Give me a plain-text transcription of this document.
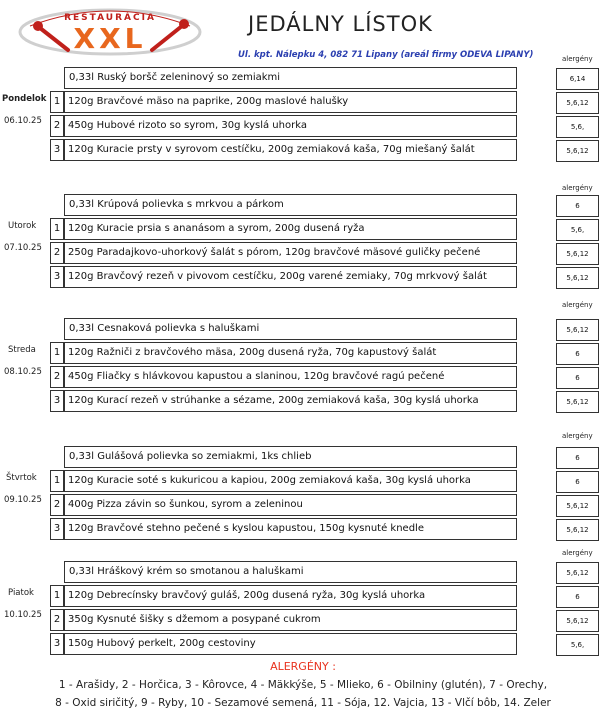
RESTAURÁCIA
XXL	JEDÁLNY LÍSTOK
Ul. kpt. Nálepku 4, 082 71 Lipany (areál firmy ODEVA LIPANY)	alergény
0,33l Ruský boršč zeleninový so zemiakmi	6,14
1 120g Bravčové mäso na paprike, 200g maslové halušky	5,6,12
2 450g Hubové rizoto so syrom, 30g kyslá uhorka	5,6,
3 120g Kuracie prsty v syrovom cestíčku, 200g zemiaková kaša, 70g miešaný šalát	5,6,12
Pondelok
06.10.25
alergény
0,33l Krúpová polievka s mrkvou a párkom	6
1 120g Kuracie prsia s ananásom a syrom, 200g dusená ryža	5,6,
2 250g Paradajkovo-uhorkový šalát s pórom, 120g bravčové mäsové guličky pečené	5,6,12
3 120g Bravčový rezeň v pivovom cestíčku, 200g varené zemiaky, 70g mrkvový šalát	5,6,12
Utorok
07.10.25
alergény
0,33l Cesnaková polievka s haluškami	5,6,12
1 120g Ražniči z bravčového mäsa, 200g dusená ryža, 70g kapustový šalát	6
2 450g Fliačky s hlávkovou kapustou a slaninou, 120g bravčové ragú pečené	6
3 120g Kurací rezeň v strúhanke a sézame, 200g zemiaková kaša, 30g kyslá uhorka	5,6,12
Streda
08.10.25
alergény
0,33l Gulášová polievka so zemiakmi, 1ks chlieb	6
1 120g Kuracie soté s kukuricou a kapiou, 200g zemiaková kaša, 30g kyslá uhorka	6
2 400g Pizza závin so šunkou, syrom a zeleninou	5,6,12
3 120g Bravčové stehno pečené s kyslou kapustou, 150g kysnuté knedle	5,6,12
Štvrtok
09.10.25
alergény
0,33l Hráškový krém so smotanou a haluškami	5,6,12
1 120g Debrecínsky bravčový guláš, 200g dusená ryža, 30g kyslá uhorka	6
2 350g Kysnuté šišky s džemom a posypané cukrom	5,6,12
3 150g Hubový perkelt, 200g cestoviny	5,6,
Piatok
10.10.25
ALERGÉNY :
1 - Arašidy, 2 - Horčica, 3 - Kôrovce, 4 - Mäkkýše, 5 - Mlieko, 6 - Obilniny (glutén), 7 - Orechy,
8 - Oxid siričitý, 9 - Ryby, 10 - Sezamové semená, 11 - Sója, 12. Vajcia, 13 - Vlčí bôb, 14. Zeler
